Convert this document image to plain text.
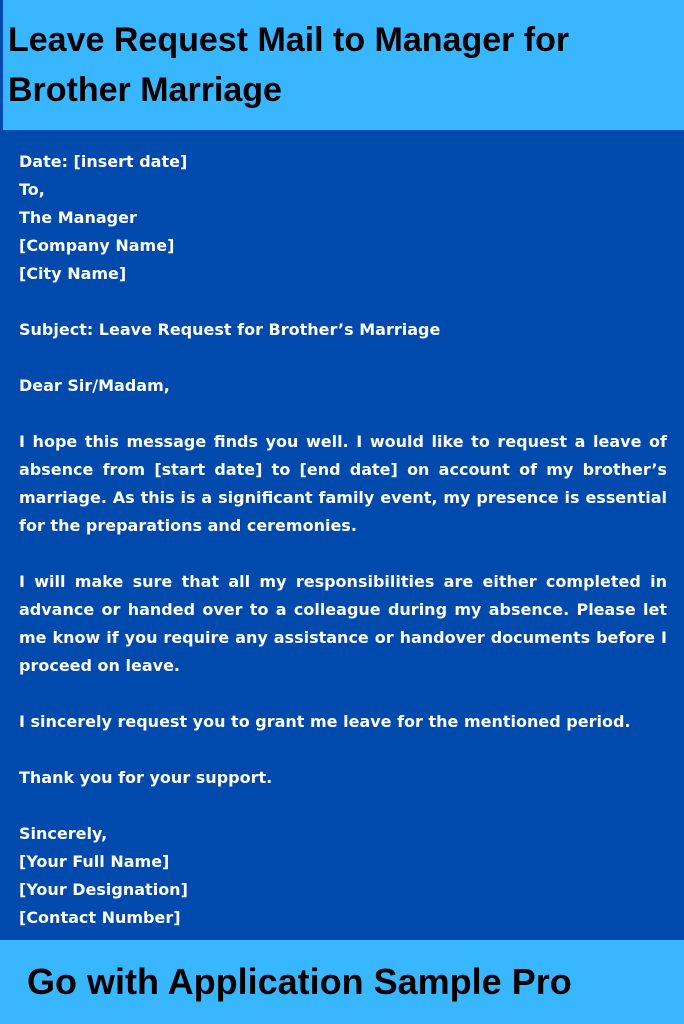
Leave Request Mail to Manager for
Brother Marriage
Date: [insert date]
To,
The Manager
[Company Name]
[City Name]
Subject: Leave Request for Brother’s Marriage
Dear Sir/Madam,

I hope this message finds you well. I would like to request a leave of absence from [start date] to [end date] on account of my brother’s marriage. As this is a significant family event, my presence is essential for the preparations and ceremonies.

I will make sure that all my responsibilities are either completed in advance or handed over to a colleague during my absence. Please let me know if you require any assistance or handover documents before I proceed on leave.

I sincerely request you to grant me leave for the mentioned period.

Thank you for your support.
Sincerely,
[Your Full Name]
[Your Designation]
[Contact Number]

Go with Application Sample Pro
